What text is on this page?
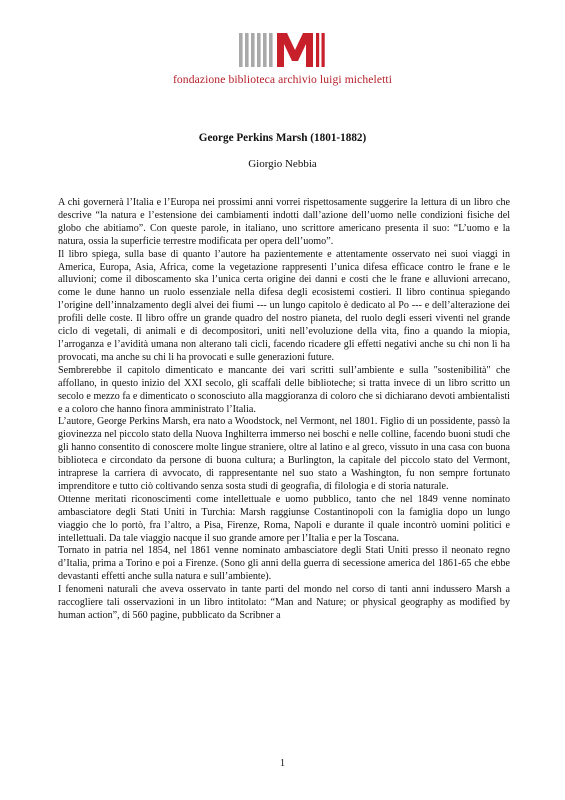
fondazione biblioteca archivio luigi micheletti
George Perkins Marsh (1801-1882)
Giorgio Nebbia

A chi governerà l’Italia e l’Europa nei prossimi anni vorrei rispettosamente suggerire la lettura di un libro che descrive “la natura e l’estensione dei cambiamenti indotti dall’azione dell’uomo nelle condizioni fisiche del globo che abitiamo”. Con queste parole, in italiano, uno scrittore americano presenta il suo: “L’uomo e la natura, ossia la superficie terrestre modificata per opera dell’uomo”.

Il libro spiega, sulla base di quanto l’autore ha pazientemente e attentamente osservato nei suoi viaggi in America, Europa, Asia, Africa, come la vegetazione rappresenti l’unica difesa efficace contro le frane e le alluvioni; come il diboscamento ska l’unica certa origine dei danni e costi che le frane e alluvioni arrecano, come le dune hanno un ruolo essenziale nella difesa degli ecosistemi costieri. Il libro continua spiegando l’origine dell’innalzamento degli alvei dei fiumi --- un lungo capitolo è dedicato al Po --- e dell’alterazione dei profili delle coste. Il libro offre un grande quadro del nostro pianeta, del ruolo degli esseri viventi nel grande ciclo di vegetali, di animali e di decompositori, uniti nell’evoluzione della vita, fino a quando la miopia, l’arroganza e l’avidità umana non alterano tali cicli, facendo ricadere gli effetti negativi anche su chi non li ha provocati, ma anche su chi li ha provocati e sulle generazioni future.

Sembrerebbe il capitolo dimenticato e mancante dei vari scritti sull’ambiente e sulla "sostenibilità" che affollano, in questo inizio del XXI secolo, gli scaffali delle biblioteche; si tratta invece di un libro scritto un secolo e mezzo fa e dimenticato o sconosciuto alla maggioranza di coloro che si dichiarano devoti ambientalisti e a coloro che hanno finora amministrato l’Italia.

L’autore, George Perkins Marsh, era nato a Woodstock, nel Vermont, nel 1801. Figlio di un possidente, passò la giovinezza nel piccolo stato della Nuova Inghilterra immerso nei boschi e nelle colline, facendo buoni studi che gli hanno consentito di conoscere molte lingue straniere, oltre al latino e al greco, vissuto in una casa con buona biblioteca e circondato da persone di buona cultura; a Burlington, la capitale del piccolo stato del Vermont, intraprese la carriera di avvocato, di rappresentante nel suo stato a Washington, fu non sempre fortunato imprenditore e tutto ciò coltivando senza sosta studi di geografia, di filologia e di storia naturale.

Ottenne meritati riconoscimenti come intellettuale e uomo pubblico, tanto che nel 1849 venne nominato ambasciatore degli Stati Uniti in Turchia: Marsh raggiunse Costantinopoli con la famiglia dopo un lungo viaggio che lo portò, fra l’altro, a Pisa, Firenze, Roma, Napoli e durante il quale incontrò uomini politici e intellettuali. Da tale viaggio nacque il suo grande amore per l’Italia e per la Toscana.

Tornato in patria nel 1854, nel 1861 venne nominato ambasciatore degli Stati Uniti presso il neonato regno d’Italia, prima a Torino e poi a Firenze. (Sono gli anni della guerra di secessione america del 1861-65 che ebbe devastanti effetti anche sulla natura e sull’ambiente).

I fenomeni naturali che aveva osservato in tante parti del mondo nel corso di tanti anni indussero Marsh a raccogliere tali osservazioni in un libro intitolato: “Man and Nature; or physical geography as modified by human action”, di 560 pagine, pubblicato da Scribner a

1
